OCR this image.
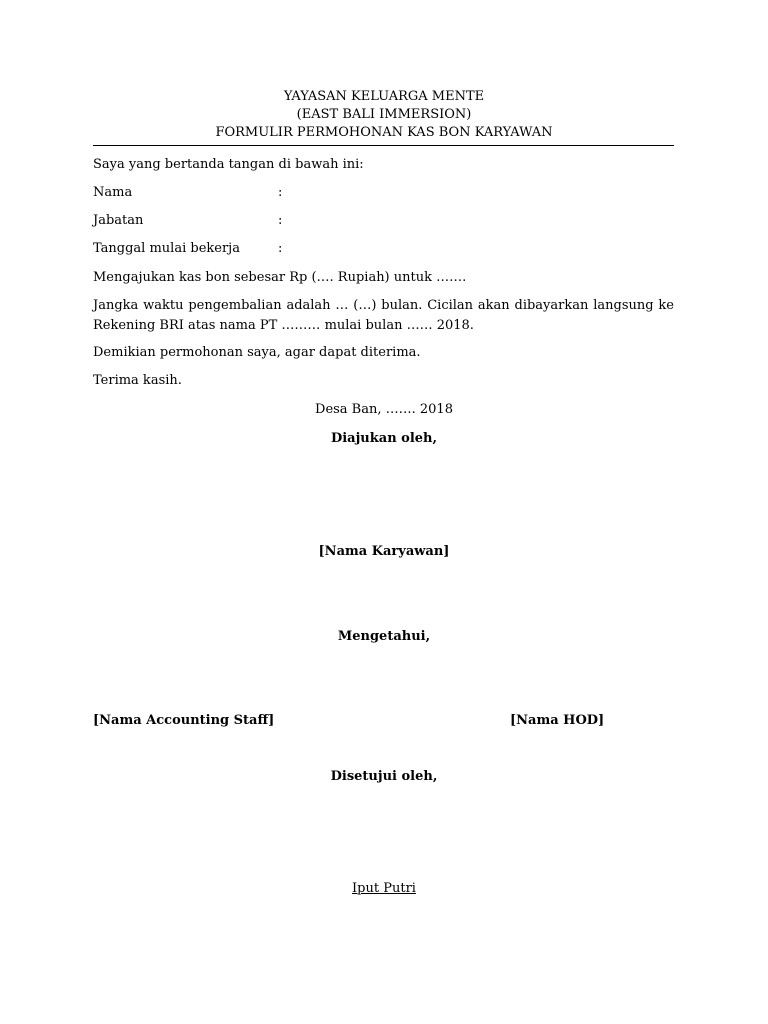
YAYASAN KELUARGA MENTE
(EAST BALI IMMERSION)
FORMULIR PERMOHONAN KAS BON KARYAWAN
Saya yang bertanda tangan di bawah ini:
Nama	:
Jabatan	:
Tanggal mulai bekerja	:
Mengajukan kas bon sebesar Rp (…. Rupiah) untuk …….
Jangka waktu pengembalian adalah … (…) bulan. Cicilan akan dibayarkan langsung ke Rekening BRI atas nama PT ……… mulai bulan …… 2018.
Demikian permohonan saya, agar dapat diterima.
Terima kasih.
Desa Ban, ……. 2018
Diajukan oleh,
[Nama Karyawan]
Mengetahui,
[Nama Accounting Staff]	[Nama HOD]
Disetujui oleh,
Iput Putri
